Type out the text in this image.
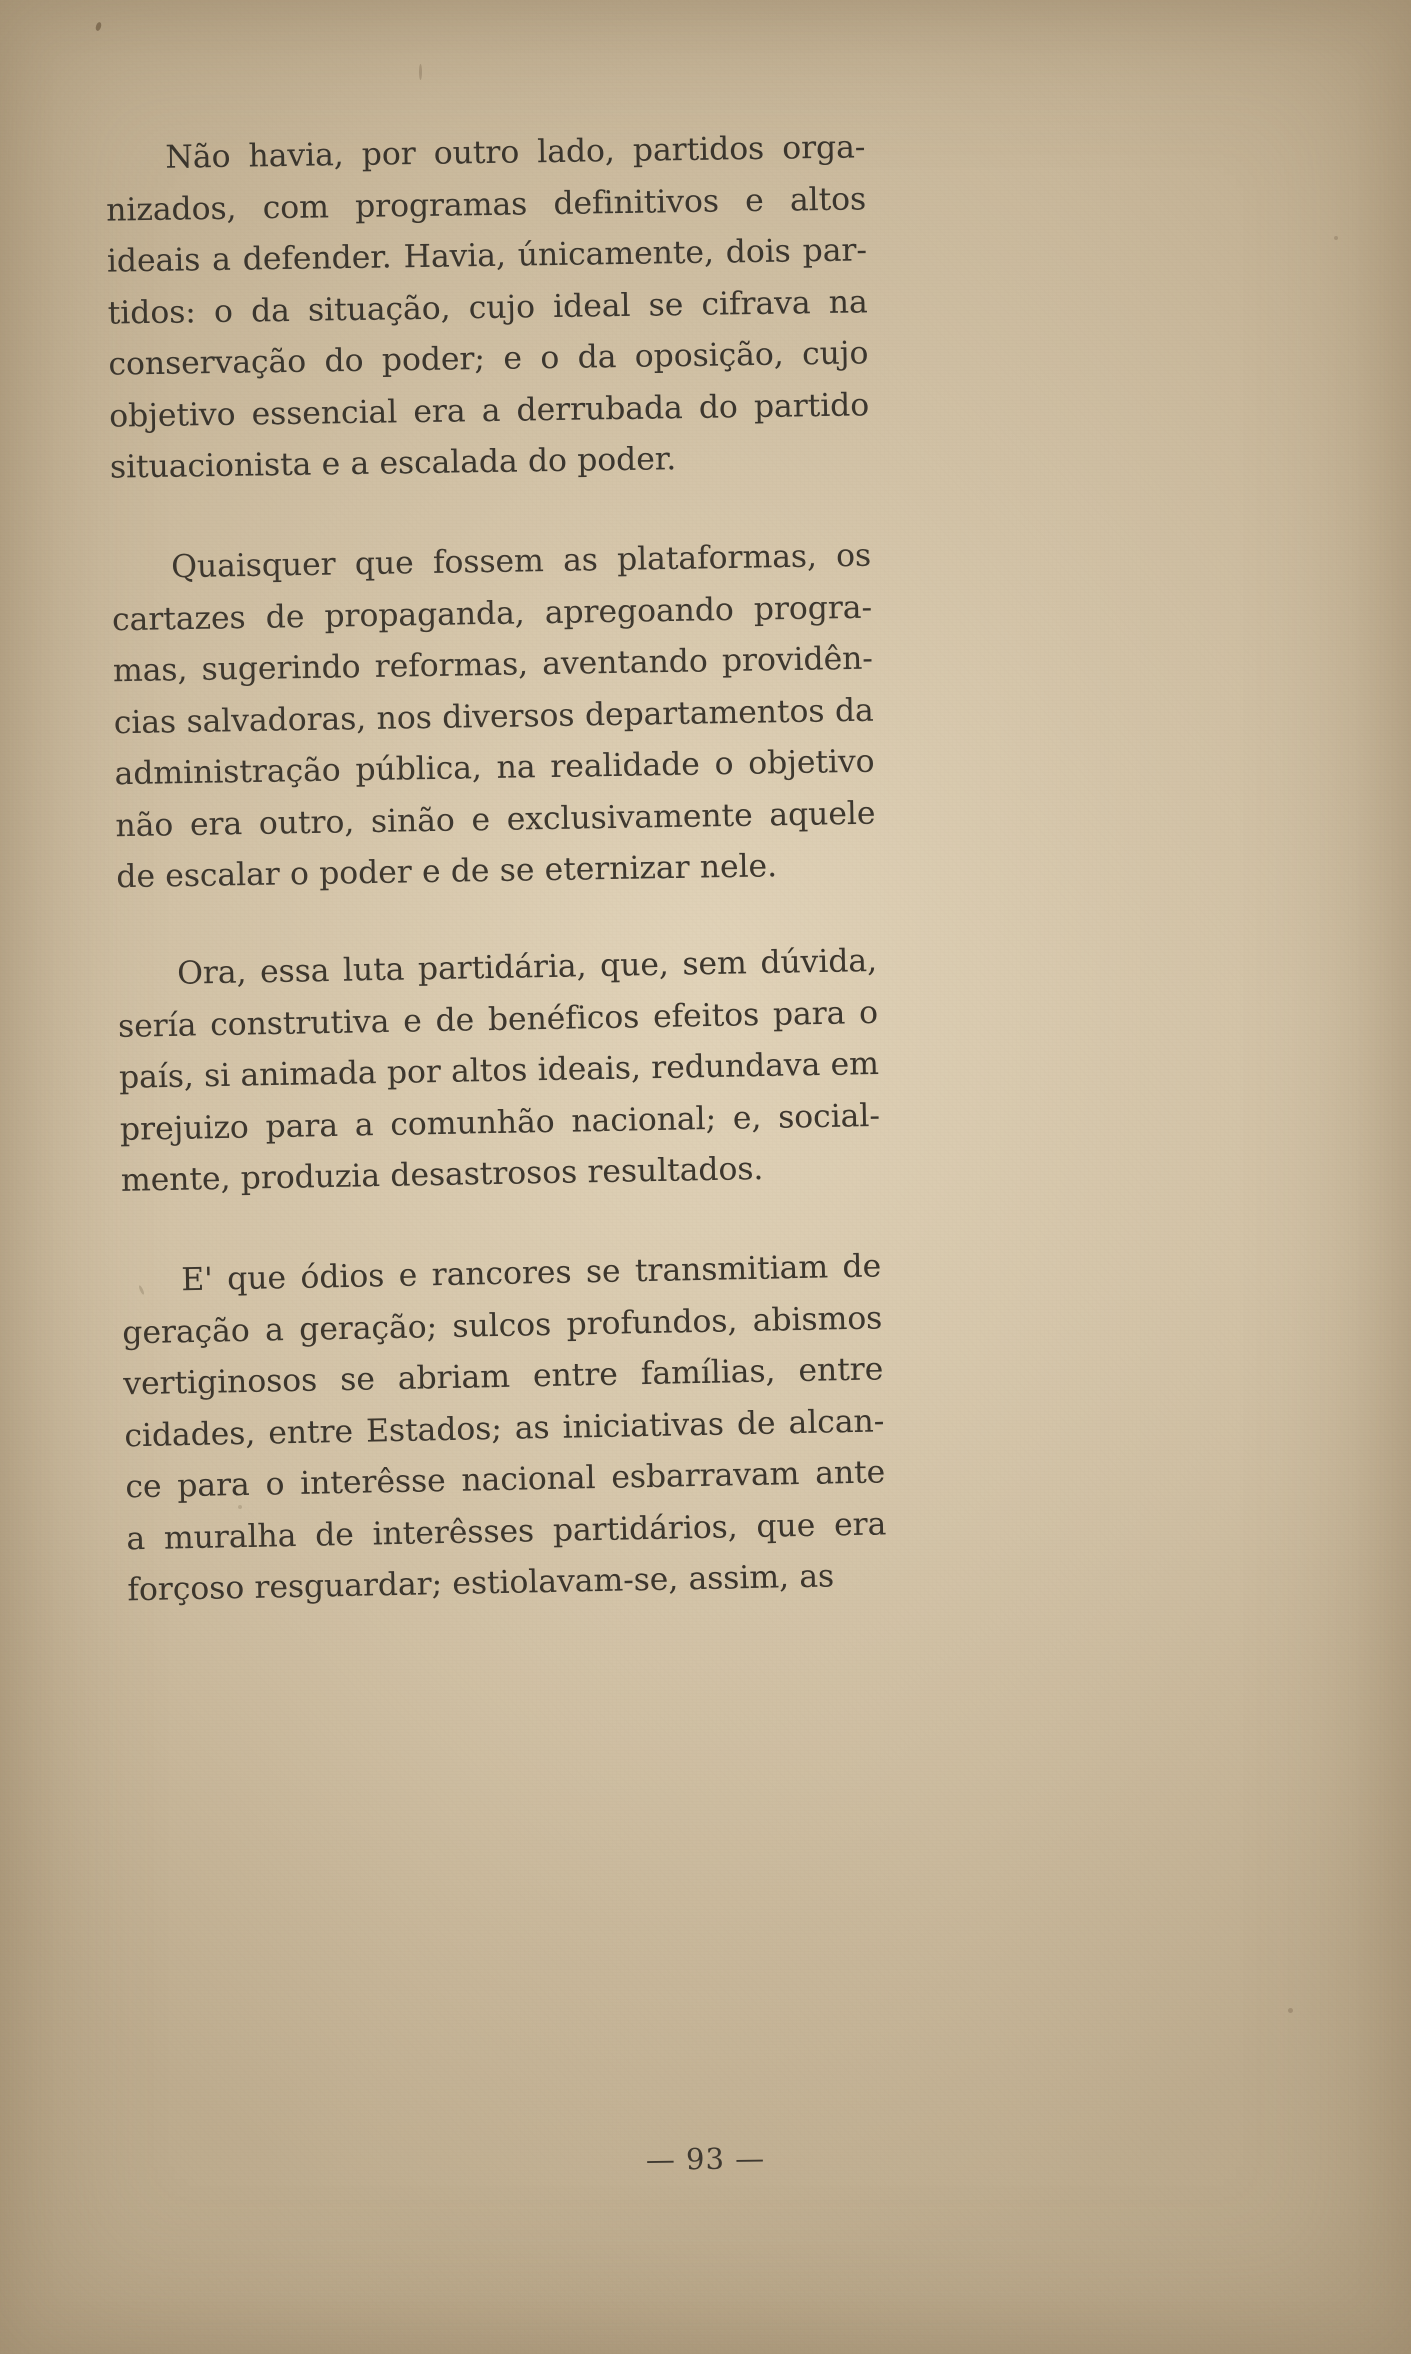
Não havia, por outro lado, partidos orga-
nizados, com programas definitivos e altos
ideais a defender. Havia, únicamente, dois par-
tidos: o da situação, cujo ideal se cifrava na
conservação do poder; e o da oposição, cujo
objetivo essencial era a derrubada do partido
situacionista e a escalada do poder.

Quaisquer que fossem as plataformas, os
cartazes de propaganda, apregoando progra-
mas, sugerindo reformas, aventando providên-
cias salvadoras, nos diversos departamentos da
administração pública, na realidade o objetivo
não era outro, sinão e exclusivamente aquele
de escalar o poder e de se eternizar nele.

Ora, essa luta partidária, que, sem dúvida,
sería construtiva e de benéficos efeitos para o
país, si animada por altos ideais, redundava em
prejuizo para a comunhão nacional; e, social-
mente, produzia desastrosos resultados.

E' que ódios e rancores se transmitiam de
geração a geração; sulcos profundos, abismos
vertiginosos se abriam entre famílias, entre
cidades, entre Estados; as iniciativas de alcan-
ce para o interêsse nacional esbarravam ante
a muralha de interêsses partidários, que era
forçoso resguardar; estiolavam-se, assim, as

— 93 —
